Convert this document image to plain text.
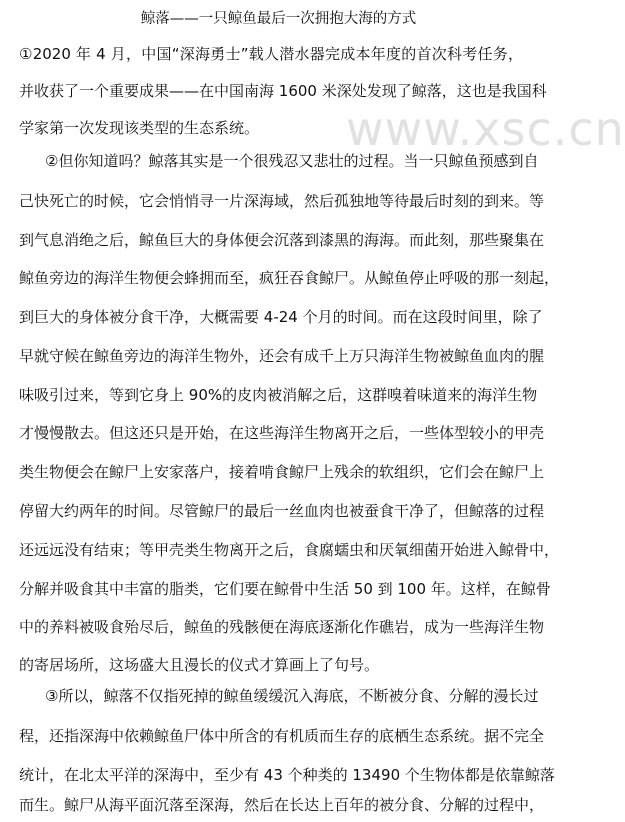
鲸落——一只鲸鱼最后一次拥抱大海的方式
www.xsc.cn
①2020 年 4 月，中国“深海勇士”载人潜水器完成本年度的首次科考任务，
并收获了一个重要成果——在中国南海 1600 米深处发现了鲸落，这也是我国科
学家第一次发现该类型的生态系统。
②但你知道吗？鲸落其实是一个很残忍又悲壮的过程。当一只鲸鱼预感到自
己快死亡的时候，它会悄悄寻一片深海域，然后孤独地等待最后时刻的到来。等
到气息消绝之后，鲸鱼巨大的身体便会沉落到漆黑的海海。而此刻，那些聚集在
鲸鱼旁边的海洋生物便会蜂拥而至，疯狂吞食鲸尸。从鲸鱼停止呼吸的那一刻起，
到巨大的身体被分食干净，大概需要 4-24 个月的时间。而在这段时间里，除了
早就守候在鲸鱼旁边的海洋生物外，还会有成千上万只海洋生物被鲸鱼血肉的腥
味吸引过来，等到它身上 90%的皮肉被消解之后，这群嗅着味道来的海洋生物
才慢慢散去。但这还只是开始，在这些海洋生物离开之后，一些体型较小的甲壳
类生物便会在鲸尸上安家落户，接着啃食鲸尸上残余的软组织，它们会在鲸尸上
停留大约两年的时间。尽管鲸尸的最后一丝血肉也被蚕食干净了，但鲸落的过程
还远远没有结束；等甲壳类生物离开之后，食腐蠕虫和厌氧细菌开始进入鲸骨中，
分解并吸食其中丰富的脂类，它们要在鲸骨中生活 50 到 100 年。这样，在鲸骨
中的养料被吸食殆尽后，鲸鱼的残骸便在海底逐渐化作礁岩，成为一些海洋生物
的寄居场所，这场盛大且漫长的仪式才算画上了句号。
③所以，鲸落不仅指死掉的鲸鱼缓缓沉入海底，不断被分食、分解的漫长过
程，还指深海中依赖鲸鱼尸体中所含的有机质而生存的底栖生态系统。据不完全
统计，在北太平洋的深海中，至少有 43 个种类的 13490 个生物体都是依靠鲸落
而生。鲸尸从海平面沉落至深海，然后在长达上百年的被分食、分解的过程中，
